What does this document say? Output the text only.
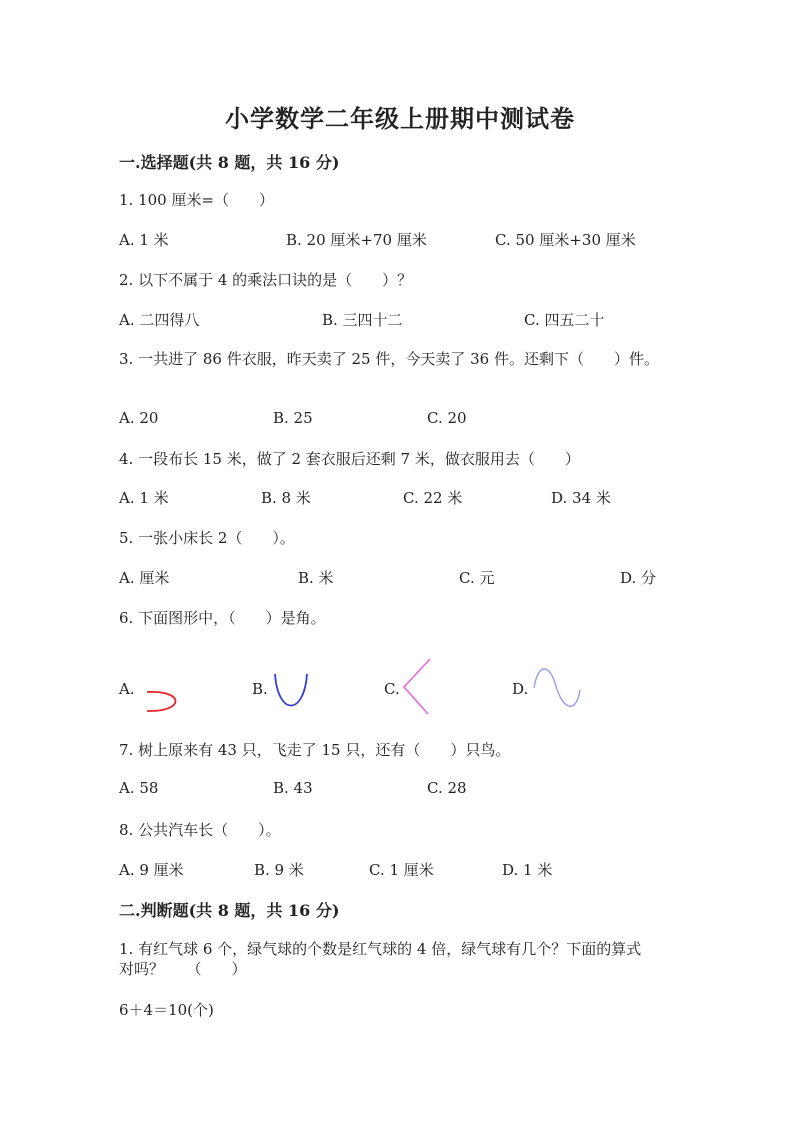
小学数学二年级上册期中测试卷
一.选择题(共 8 题，共 16 分)
1. 100 厘米=（　　）
A. 1 米	B. 20 厘米+70 厘米	C. 50 厘米+30 厘米
2. 以下不属于 4 的乘法口诀的是（　　）？
A. 二四得八	B. 三四十二	C. 四五二十
3. 一共进了 86 件衣服，昨天卖了 25 件，今天卖了 36 件。还剩下（　　）件。
A. 20	B. 25	C. 20
4. 一段布长 15 米，做了 2 套衣服后还剩 7 米，做衣服用去（　　）
A. 1 米	B. 8 米	C. 22 米	D. 34 米
5. 一张小床长 2（　　）。
A. 厘米	B. 米	C. 元	D. 分
6. 下面图形中，（　　）是角。
A.	B.	C.	D.
7. 树上原来有 43 只，飞走了 15 只，还有（　　）只鸟。
A. 58	B. 43	C. 28
8. 公共汽车长（　　）。
A. 9 厘米	B. 9 米	C. 1 厘米	D. 1 米
二.判断题(共 8 题，共 16 分)
1. 有红气球 6 个，绿气球的个数是红气球的 4 倍，绿气球有几个？下面的算式
对吗？　　（　　）
6＋4＝10(个)
